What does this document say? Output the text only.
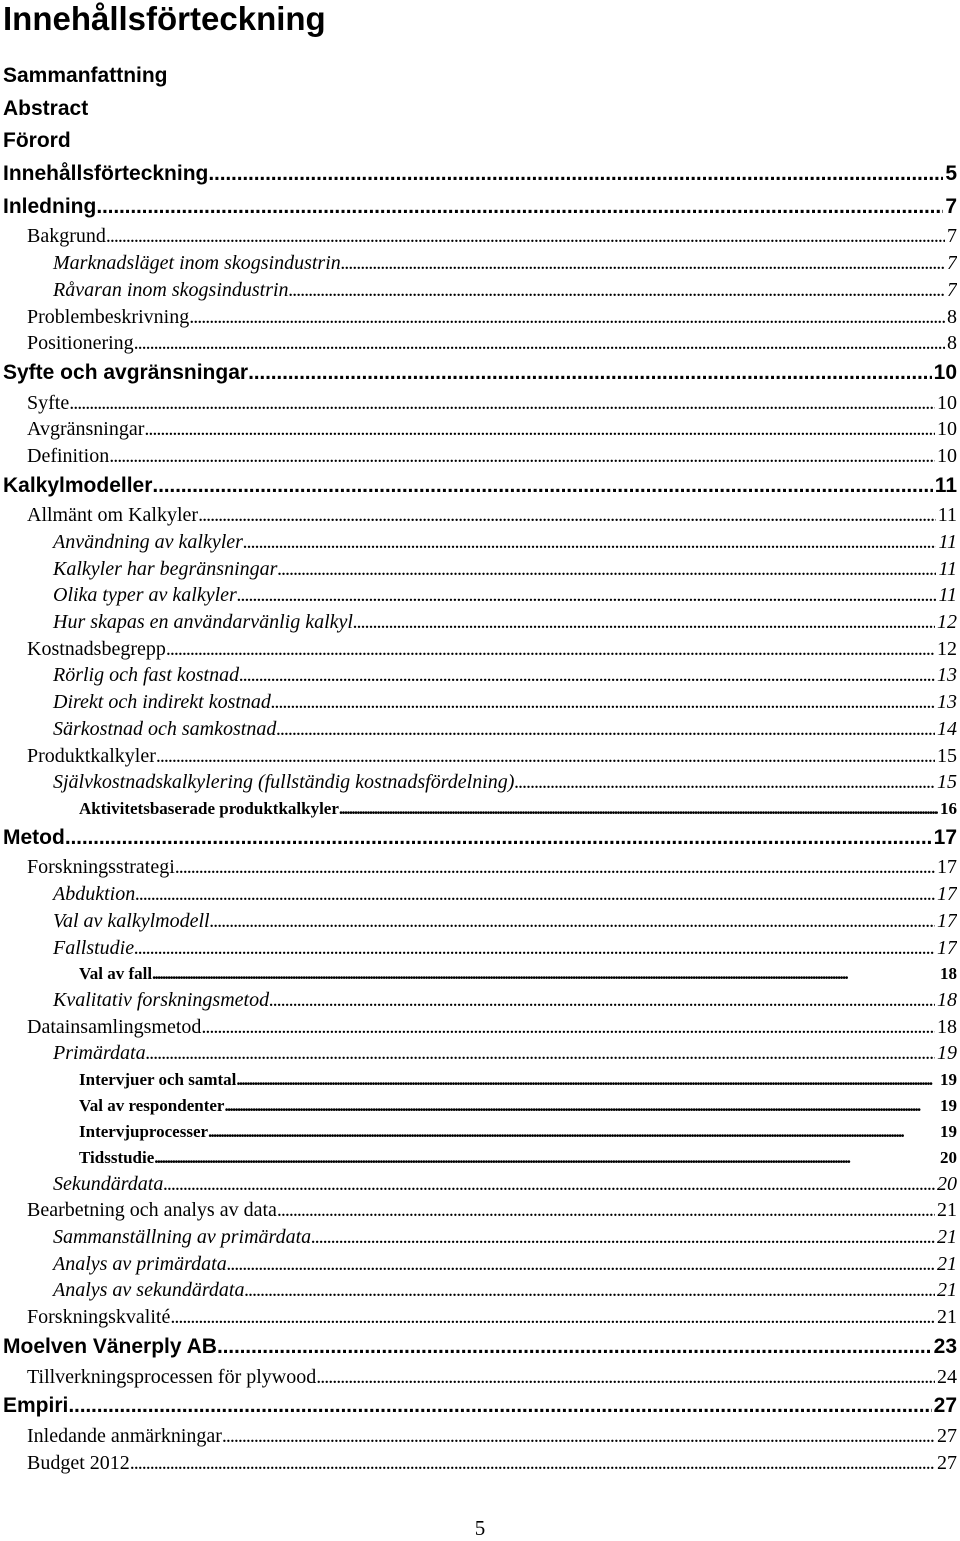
Innehållsförteckning
Sammanfattning
Abstract
Förord
Innehållsförteckning . . .	5
Inledning . . .	7
Bakgrund . . .	7
Marknadsläget inom skogsindustrin . . .	7
Råvaran inom skogsindustrin . . .	7
Problembeskrivning . . .	8
Positionering . . .	8
Syfte och avgränsningar . . .	10
Syfte . . .	10
Avgränsningar . . .	10
Definition . . .	10
Kalkylmodeller . . .	11
Allmänt om Kalkyler . . .	11
Användning av kalkyler . . .	11
Kalkyler har begränsningar . . .	11
Olika typer av kalkyler . . .	11
Hur skapas en användarvänlig kalkyl . . .	12
Kostnadsbegrepp . . .	12
Rörlig och fast kostnad . . .	13
Direkt och indirekt kostnad . . .	13
Särkostnad och samkostnad . . .	14
Produktkalkyler . . .	15
Självkostnadskalkylering (fullständig kostnadsfördelning) . . .	15
Aktivitetsbaserade produktkalkyler . . .	16
Metod . . .	17
Forskningsstrategi . . .	17
Abduktion . . .	17
Val av kalkylmodell . . .	17
Fallstudie . . .	17
Val av fall . . .	18
Kvalitativ forskningsmetod . . .	18
Datainsamlingsmetod . . .	18
Primärdata . . .	19
Intervjuer och samtal . . .	19
Val av respondenter . . .	19
Intervjuprocesser . . .	19
Tidsstudie . . .	20
Sekundärdata . . .	20
Bearbetning och analys av data . . .	21
Sammanställning av primärdata . . .	21
Analys av primärdata . . .	21
Analys av sekundärdata . . .	21
Forskningskvalité . . .	21
Moelven Vänerply AB . . .	23
Tillverkningsprocessen för plywood . . .	24
Empiri . . .	27
Inledande anmärkningar . . .	27
Budget 2012 . . .	27
5
